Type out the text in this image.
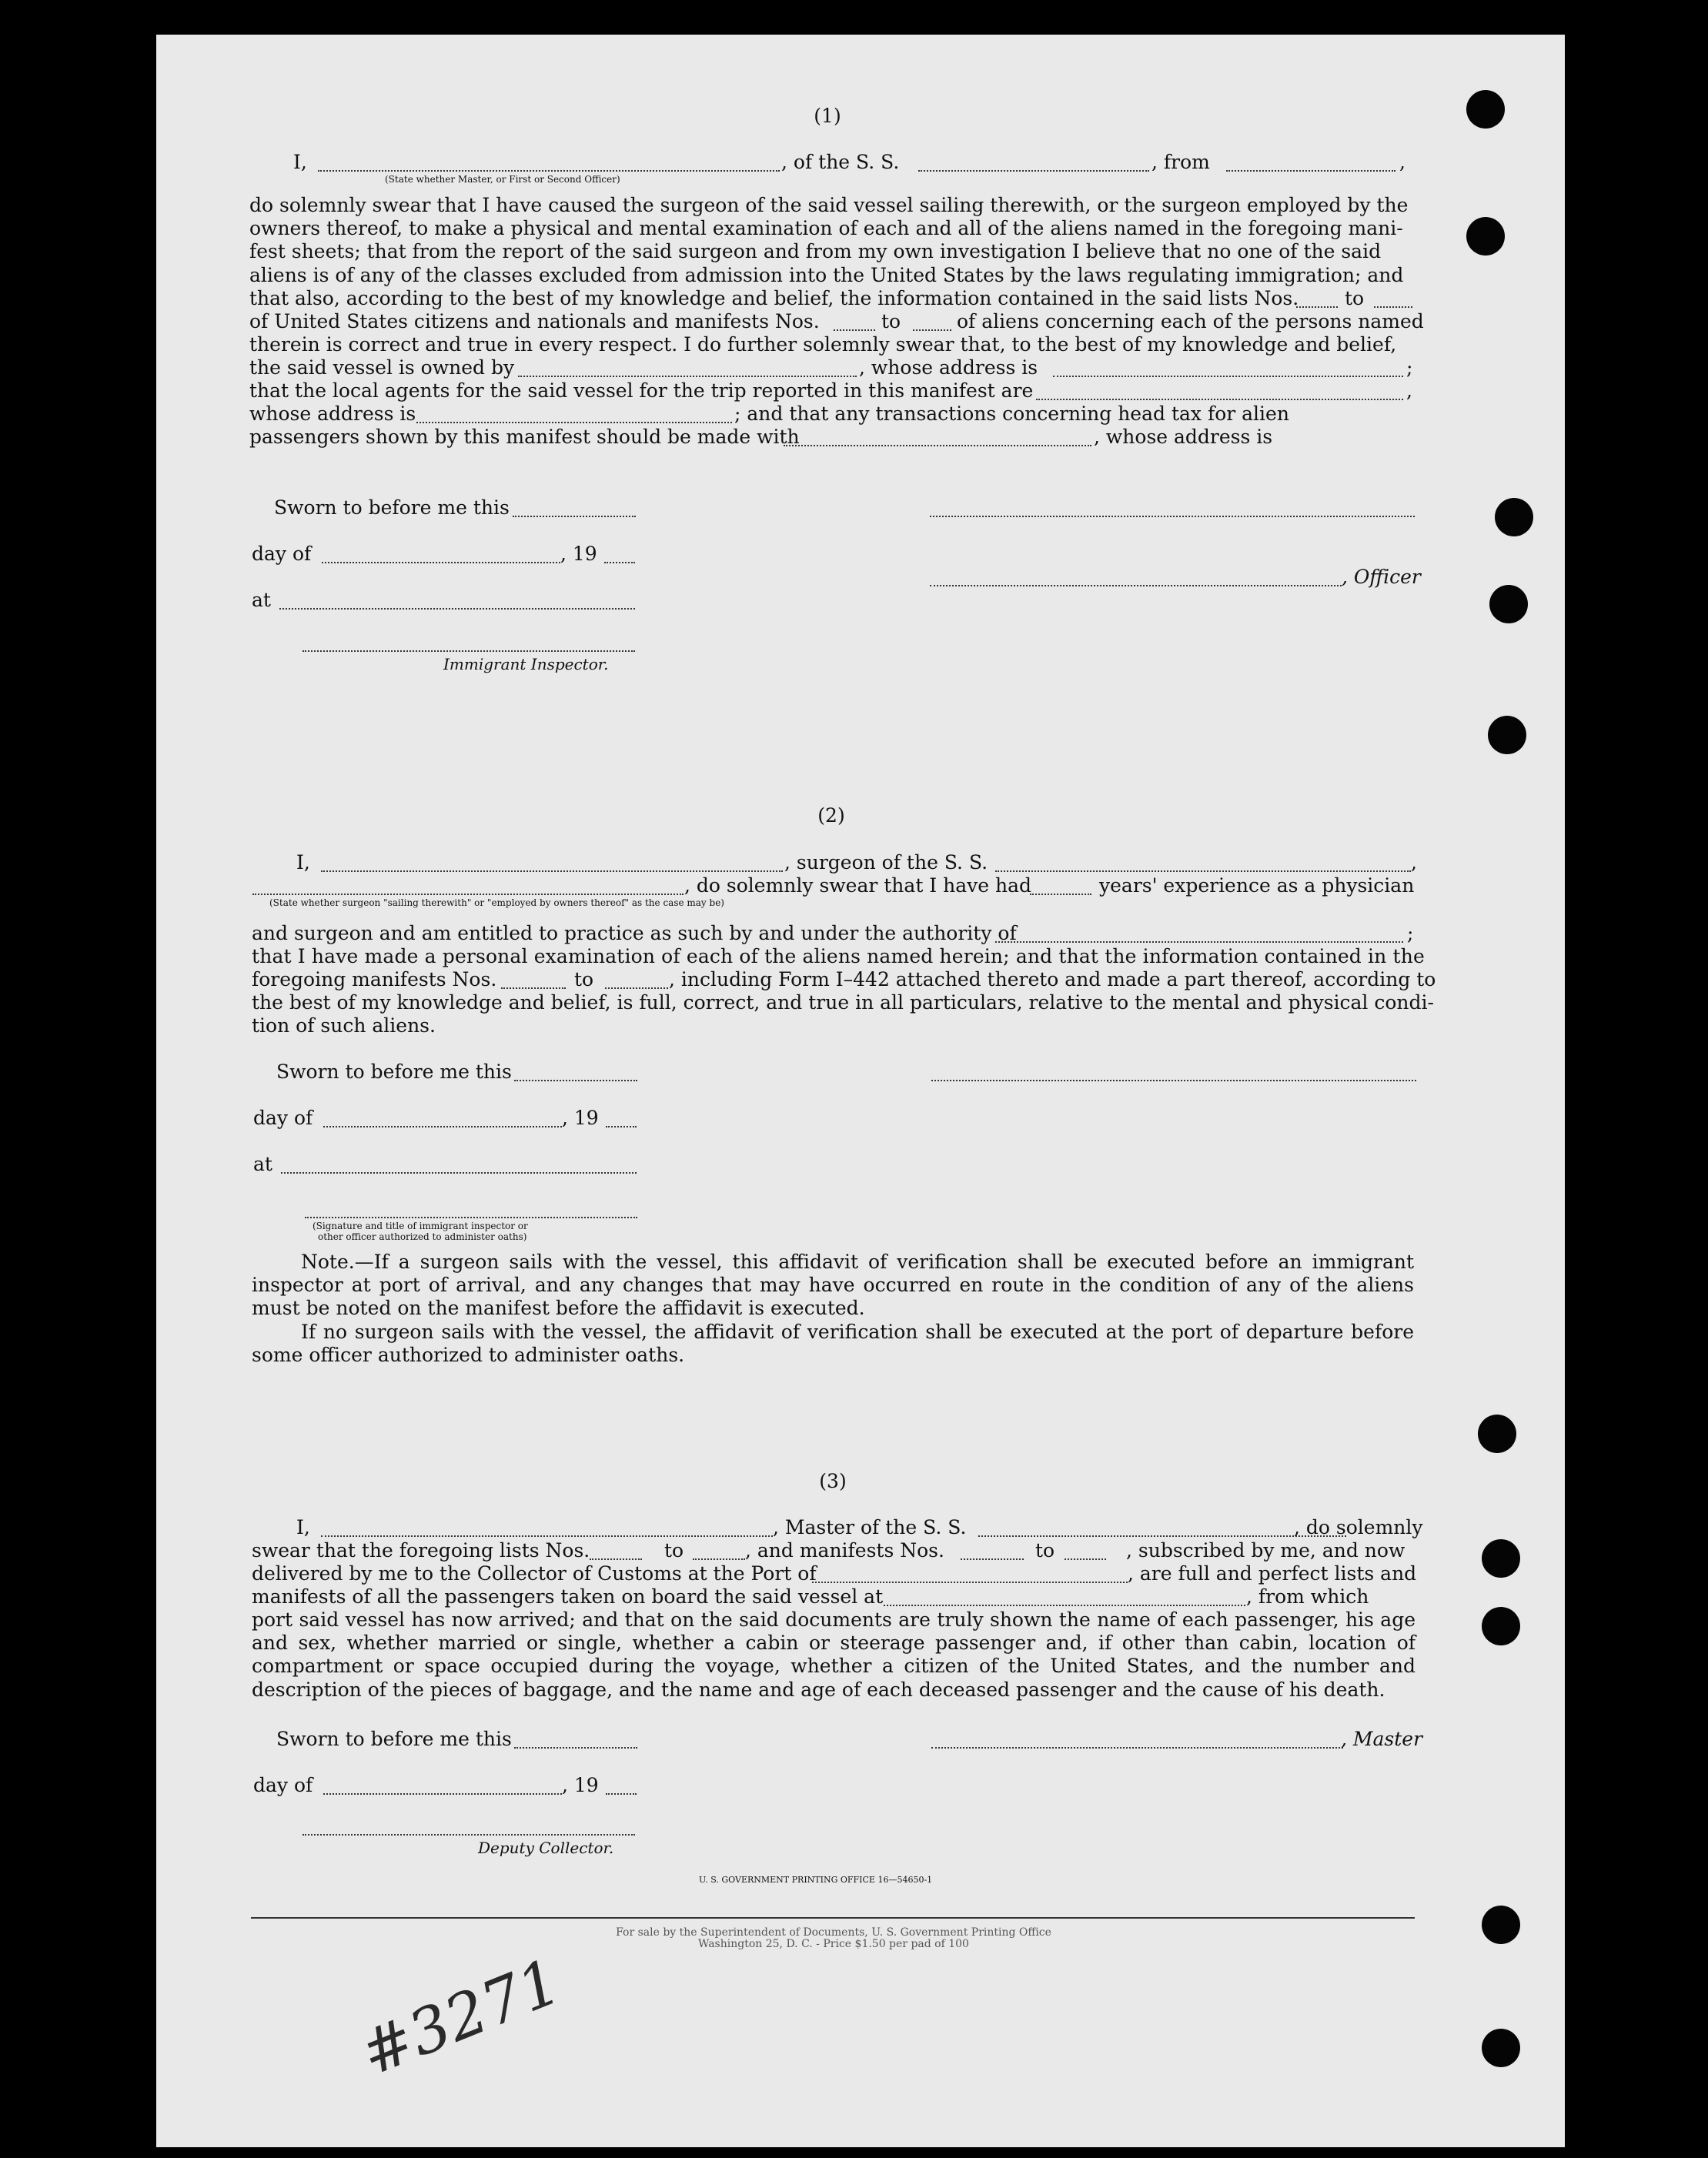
(1)
I,	, of the S. S.	, from	,
(State whether Master, or First or Second Officer)

do solemnly swear that I have caused the surgeon of the said vessel sailing therewith, or the surgeon employed by the

owners thereof, to make a physical and mental examination of each and all of the aliens named in the foregoing mani-

fest sheets; that from the report of the said surgeon and from my own investigation I believe that no one of the said

aliens is of any of the classes excluded from admission into the United States by the laws regulating immigration; and

that also, according to the best of my knowledge and belief, the information contained in the said lists Nos. to
of United States citizens and nationals and manifests Nos.	to	of aliens concerning each of the persons named
therein is correct and true in every respect. I do further solemnly swear that, to the best of my knowledge and belief,
the said vessel is owned by	, whose address is	;
that the local agents for the said vessel for the trip reported in this manifest are	,
whose address is	; and that any transactions concerning head tax for alien
passengers shown by this manifest should be made with	, whose address is
Sworn to before me this
day of	, 19
, Officer
at
Immigrant Inspector.
(2)
I,	, surgeon of the S. S.	,
, do solemnly swear that I have had	years' experience as a physician
(State whether surgeon "sailing therewith" or "employed by owners thereof" as the case may be)
and surgeon and am entitled to practice as such by and under the authority of	;
that I have made a personal examination of each of the aliens named herein; and that the information contained in the
foregoing manifests Nos.	to	, including Form I–442 attached thereto and made a part thereof, according to
the best of my knowledge and belief, is full, correct, and true in all particulars, relative to the mental and physical condi-
tion of such aliens.
Sworn to before me this
day of	, 19
at
(Signature and title of immigrant inspector or
other officer authorized to administer oaths)
Note.—If a surgeon sails with the vessel, this affidavit of verification shall be executed before an immigrant inspector at port of arrival, and any changes that may have occurred en route in the condition of any of the aliens must be noted on the manifest before the affidavit is executed.
If no surgeon sails with the vessel, the affidavit of verification shall be executed at the port of departure before some officer authorized to administer oaths.
(3)
I,	, Master of the S. S.	, do solemnly
swear that the foregoing lists Nos.	to	, and manifests Nos.	to	, subscribed by me, and now
delivered by me to the Collector of Customs at the Port of	, are full and perfect lists and
manifests of all the passengers taken on board the said vessel at	, from which
port said vessel has now arrived; and that on the said documents are truly shown the name of each passenger, his age and sex, whether married or single, whether a cabin or steerage passenger and, if other than cabin, location of compartment or space occupied during the voyage, whether a citizen of the United States, and the number and description of the pieces of baggage, and the name and age of each deceased passenger and the cause of his death.
Sworn to before me this	, Master
day of	, 19
Deputy Collector.
U. S. GOVERNMENT PRINTING OFFICE 16—54650-1
For sale by the Superintendent of Documents, U. S. Government Printing Office
Washington 25, D. C. - Price $1.50 per pad of 100
#3271
